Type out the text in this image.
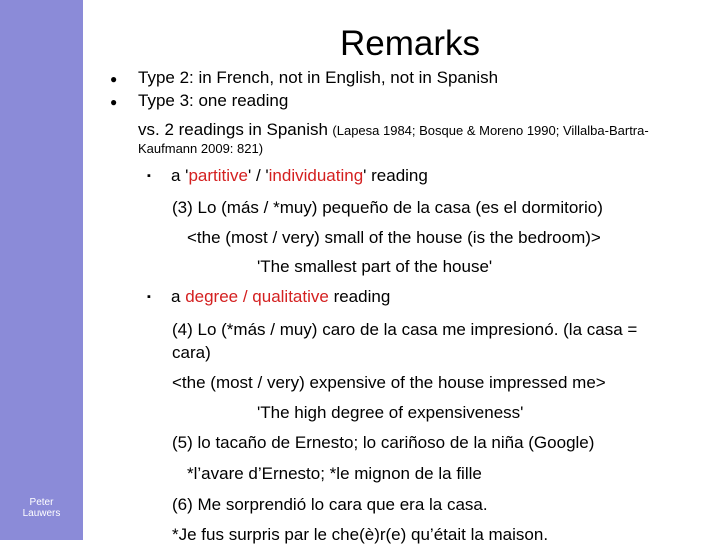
Peter
Lauwers
Remarks
● Type 2: in French, not in English, not in Spanish
● Type 3: one reading
vs. 2 readings in Spanish (Lapesa 1984; Bosque & Moreno 1990; Villalba-Bartra-
Kaufmann 2009: 821)
▪ a 'partitive' / 'individuating' reading
(3) Lo (más / *muy) pequeño de la casa (es el dormitorio)
<the (most / very) small of the house (is the bedroom)>
'The smallest part of the house'
▪ a degree / qualitative reading
(4) Lo (*más / muy) caro de la casa me impresionó. (la casa =
cara)
<the (most / very) expensive of the house impressed me>
'The high degree of expensiveness'
(5) lo tacaño de Ernesto; lo cariñoso de la niña (Google)
*l’avare d’Ernesto; *le mignon de la fille
(6) Me sorprendió lo cara que era la casa.
*Je fus surpris par le che(è)r(e) qu’était la maison.
